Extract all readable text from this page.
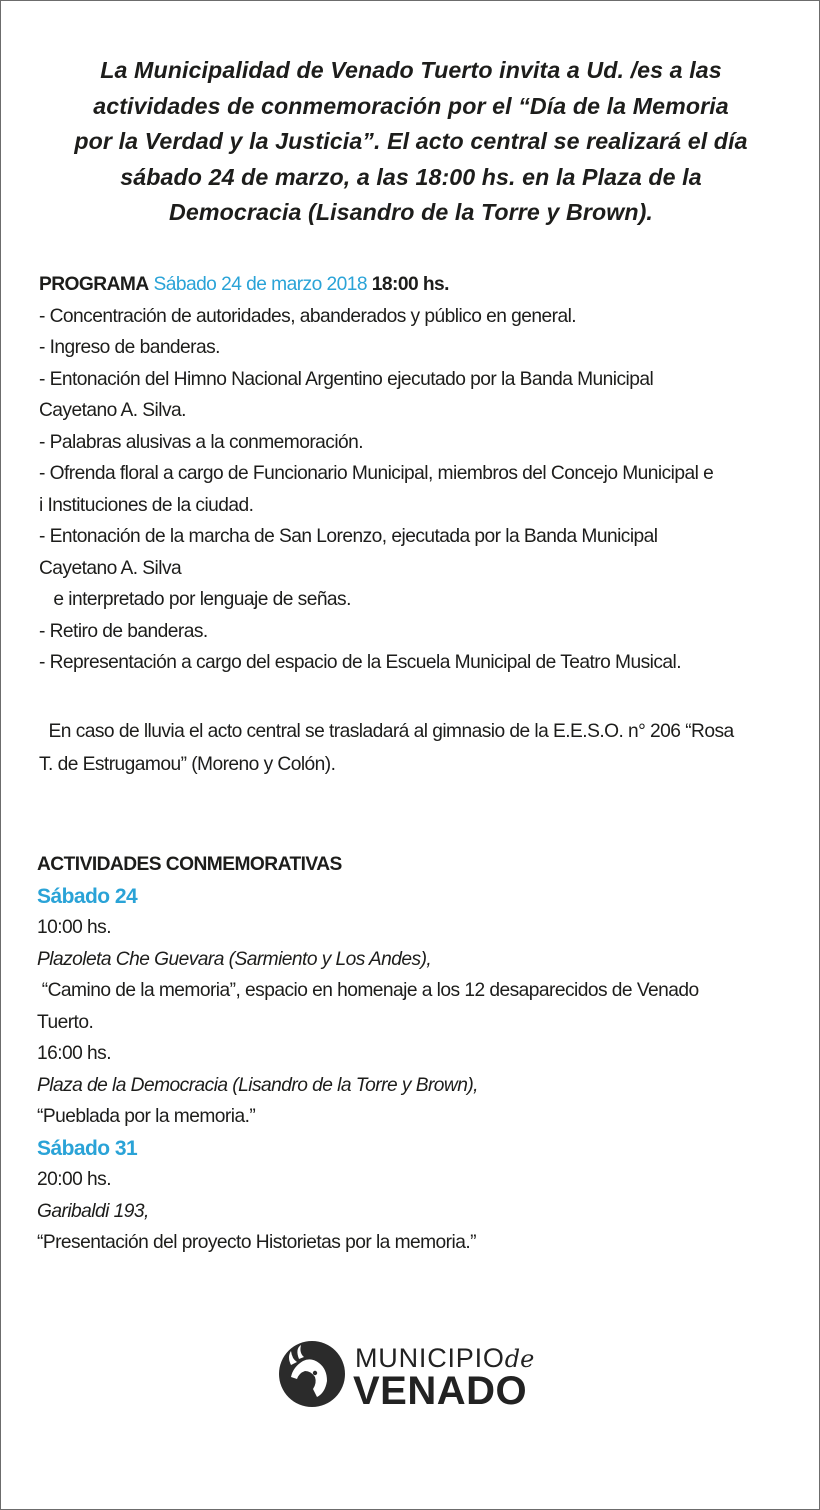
La Municipalidad de Venado Tuerto invita a Ud. /es a las

actividades de conmemoración por el “Día de la Memoria

por la Verdad y la Justicia”. El acto central se realizará el día

sábado 24 de marzo, a las 18:00 hs. en la Plaza de la

Democracia (Lisandro de la Torre y Brown).

PROGRAMA Sábado 24 de marzo 2018 18:00 hs.
- Concentración de autoridades, abanderados y público en general.
- Ingreso de banderas.
- Entonación del Himno Nacional Argentino ejecutado por la Banda Municipal
Cayetano A. Silva.
- Palabras alusivas a la conmemoración.
- Ofrenda floral a cargo de Funcionario Municipal, miembros del Concejo Municipal e
i Instituciones de la ciudad.
- Entonación de la marcha de San Lorenzo, ejecutada por la Banda Municipal
Cayetano A. Silva
e interpretado por lenguaje de señas.
- Retiro de banderas.
- Representación a cargo del espacio de la Escuela Municipal de Teatro Musical.
En caso de lluvia el acto central se trasladará al gimnasio de la E.E.S.O. n° 206 “Rosa
T. de Estrugamou” (Moreno y Colón).
ACTIVIDADES CONMEMORATIVAS
Sábado 24
10:00 hs.
Plazoleta Che Guevara (Sarmiento y Los Andes),
“Camino de la memoria”, espacio en homenaje a los 12 desaparecidos de Venado
Tuerto.
16:00 hs.
Plaza de la Democracia (Lisandro de la Torre y Brown),
“Pueblada por la memoria.”
Sábado 31
20:00 hs.
Garibaldi 193,
“Presentación del proyecto Historietas por la memoria.”
MUNICIPIOde
VENADO
